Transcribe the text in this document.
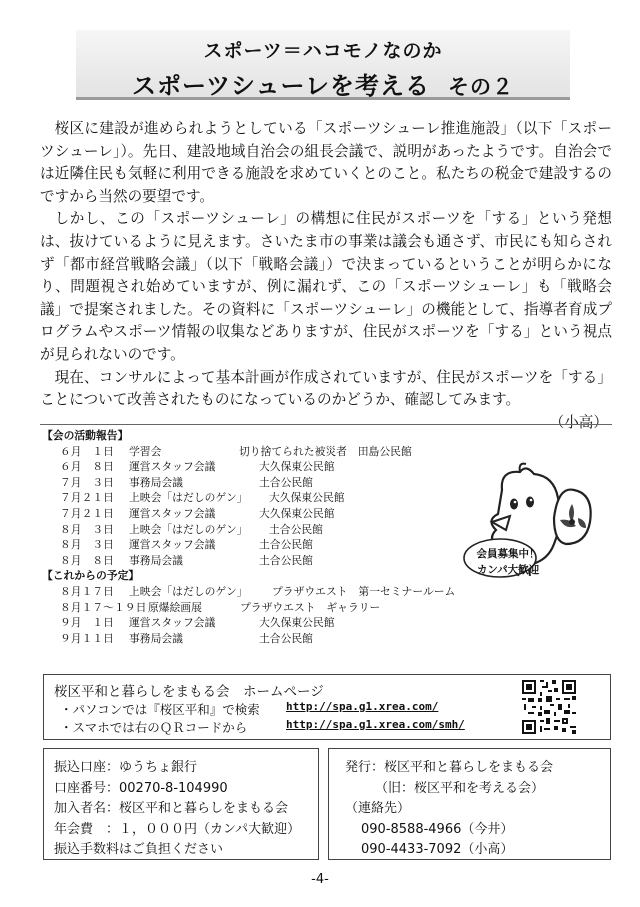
スポーツ＝ハコモノなのか
スポーツシューレを考える その２

桜区に建設が進められようとしている「スポーツシューレ推進施設」（以下「スポーツシューレ」）。先日、建設地域自治会の組長会議で、説明があったようです。自治会では近隣住民も気軽に利用できる施設を求めていくとのこと。私たちの税金で建設するのですから当然の要望です。

しかし、この「スポーツシューレ」の構想に住民がスポーツを「する」という発想は、抜けているように見えます。さいたま市の事業は議会も通さず、市民にも知らされず「都市経営戦略会議」（以下「戦略会議」）で決まっているということが明らかになり、問題視され始めていますが、例に漏れず、この「スポーツシューレ」も「戦略会議」で提案されました。その資料に「スポーツシューレ」の機能として、指導者育成プログラムやスポーツ情報の収集などありますが、住民がスポーツを「する」という視点が見られないのです。

現在、コンサルによって基本計画が作成されていますが、住民がスポーツを「する」ことについて改善されたものになっているのかどうか、確認してみます。

（小高）
【会の活動報告】
６月　１日	学習会	切り捨てられた被災者　田島公民館
６月　８日	運営スタッフ会議	大久保東公民館
７月　３日	事務局会議	土合公民館
７月２１日	上映会「はだしのゲン」	大久保東公民館
７月２１日	運営スタッフ会議	大久保東公民館
８月　３日	上映会「はだしのゲン」	土合公民館
８月　３日	運営スタッフ会議	土合公民館
８月　８日	事務局会議	土合公民館
【これからの予定】
８月１７日	上映会「はだしのゲン」	プラザウエスト　第一セミナールーム
８月１７～１９日 原爆絵画展	プラザウエスト　ギャラリー
９月　１日	運営スタッフ会議	大久保東公民館
９月１１日	事務局会議	土合公民館
会員募集中！
カンパ大歓迎
桜区平和と暮らしをまもる会　ホームページ
・パソコンでは『桜区平和』で検索 http://spa.g1.xrea.com/
・スマホでは右のＱＲコードから	http://spa.g1.xrea.com/smh/
振込口座：ゆうちょ銀行
口座番号：00270-8-104990
加入者名：桜区平和と暮らしをまもる会
年会費　：１，０００円（カンパ大歓迎）
振込手数料はご負担ください
発行：桜区平和と暮らしをまもる会
（旧：桜区平和を考える会）
（連絡先）
090-8588-4966（今井）
090-4433-7092（小高）
-4-
